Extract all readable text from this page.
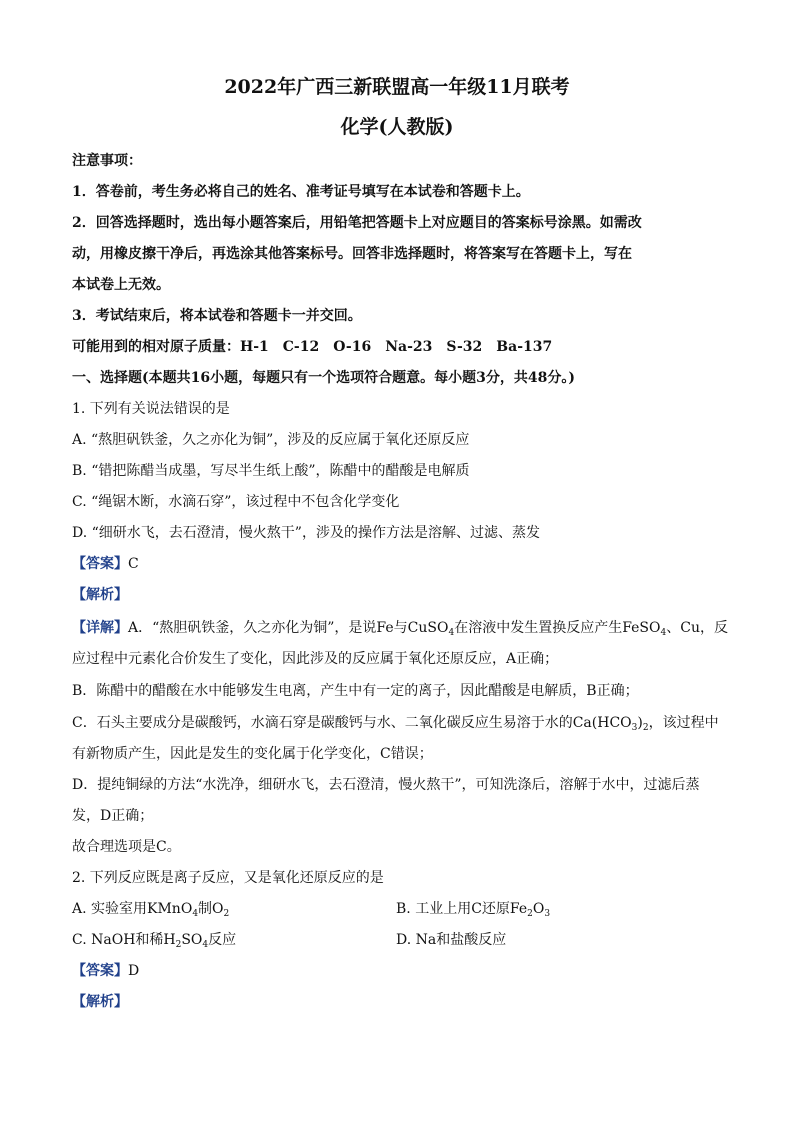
2022年广西三新联盟高一年级11月联考
化学(人教版)
注意事项：
1．答卷前，考生务必将自己的姓名、准考证号填写在本试卷和答题卡上。
2．回答选择题时，选出每小题答案后，用铅笔把答题卡上对应题目的答案标号涂黑。如需改
动，用橡皮擦干净后，再选涂其他答案标号。回答非选择题时，将答案写在答题卡上，写在
本试卷上无效。
3．考试结束后，将本试卷和答题卡一并交回。
可能用到的相对原子质量：H-1　C-12　O-16　Na-23　S-32　Ba-137
一、选择题(本题共16小题，每题只有一个选项符合题意。每小题3分，共48分。)
1. 下列有关说法错误的是
A. “熬胆矾铁釜，久之亦化为铜”，涉及的反应属于氧化还原反应
B. “错把陈醋当成墨，写尽半生纸上酸”，陈醋中的醋酸是电解质
C. “绳锯木断，水滴石穿”，该过程中不包含化学变化
D. “细研水飞，去石澄清，慢火熬干”，涉及的操作方法是溶解、过滤、蒸发
【答案】C
【解析】
【详解】A．“熬胆矾铁釜，久之亦化为铜”，是说Fe与CuSO$_4$在溶液中发生置换反应产生FeSO$_4$、Cu，反
应过程中元素化合价发生了变化，因此涉及的反应属于氧化还原反应，A正确；
B．陈醋中的醋酸在水中能够发生电离，产生中有一定的离子，因此醋酸是电解质，B正确；
C．石头主要成分是碳酸钙，水滴石穿是碳酸钙与水、二氧化碳反应生易溶于水的$Ca(HCO_3)_2$，该过程中
有新物质产生，因此是发生的变化属于化学变化，C错误；
D．提纯铜绿的方法“水洗净，细研水飞，去石澄清，慢火熬干”，可知洗涤后，溶解于水中，过滤后蒸
发，D正确；
故合理选项是C。
2. 下列反应既是离子反应，又是氧化还原反应的是
A. 实验室用KMnO$_4$制$O_2$	B. 工业上用C还原$Fe_2O_3$
C. NaOH和稀$H_2SO_4$反应	D. Na和盐酸反应
【答案】D
【解析】
